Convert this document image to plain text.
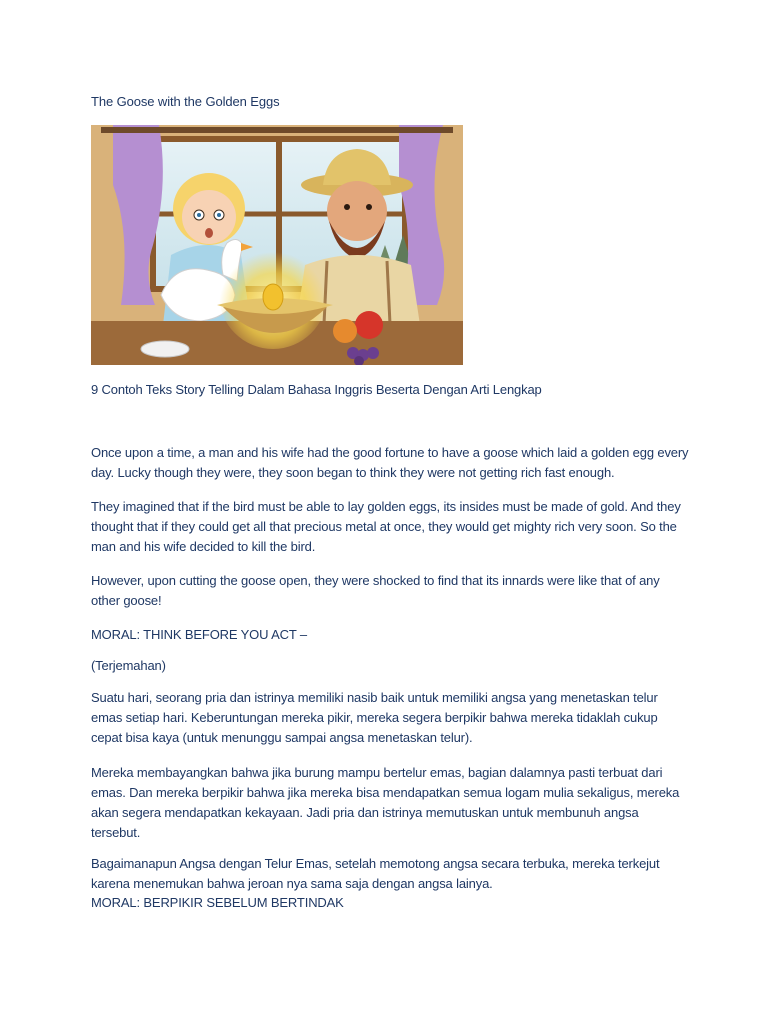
The Goose with the Golden Eggs
9 Contoh Teks Story Telling Dalam Bahasa Inggris Beserta Dengan Arti Lengkap

Once upon a time, a man and his wife had the good fortune to have a goose which laid a golden egg every day. Lucky though they were, they soon began to think they were not getting rich fast enough.

They imagined that if the bird must be able to lay golden eggs, its insides must be made of gold. And they thought that if they could get all that precious metal at once, they would get mighty rich very soon. So the man and his wife decided to kill the bird.

However, upon cutting the goose open, they were shocked to find that its innards were like that of any other goose!

MORAL: THINK BEFORE YOU ACT –

(Terjemahan)

Suatu hari, seorang pria dan istrinya memiliki nasib baik untuk memiliki angsa yang menetaskan telur emas setiap hari. Keberuntungan mereka pikir, mereka segera berpikir bahwa mereka tidaklah cukup cepat bisa kaya (untuk menunggu sampai angsa menetaskan telur).

Mereka membayangkan bahwa jika burung mampu bertelur emas, bagian dalamnya pasti terbuat dari emas. Dan mereka berpikir bahwa jika mereka bisa mendapatkan semua logam mulia sekaligus, mereka akan segera mendapatkan kekayaan. Jadi pria dan istrinya memutuskan untuk membunuh angsa tersebut.

Bagaimanapun Angsa dengan Telur Emas, setelah memotong angsa secara terbuka, mereka terkejut karena menemukan bahwa jeroan nya sama saja dengan angsa lainya.

MORAL: BERPIKIR SEBELUM BERTINDAK
